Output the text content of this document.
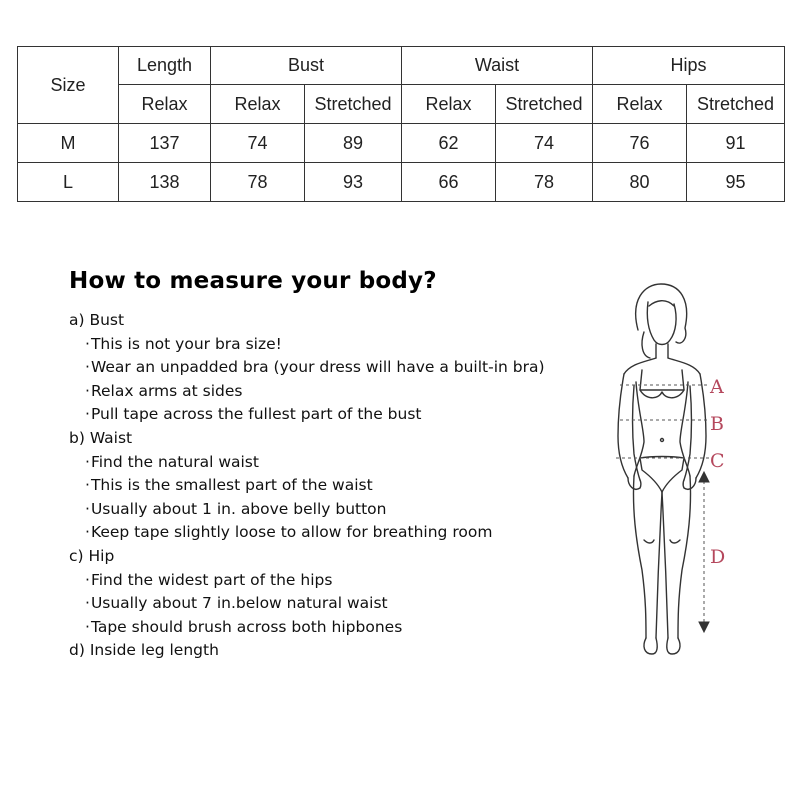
Size	Length	Bust		Waist		Hips	
	Relax	Relax	Stretched	Relax	Stretched	Relax	Stretched
M	137	74	89	62	74	76	91
L	138	78	93	66	78	80	95
How to measure your body?
a) Bust
· This is not your bra size!
· Wear an unpadded bra (your dress will have a built-in bra)
· Relax arms at sides
· Pull tape across the fullest part of the bust
b) Waist
· Find the natural waist
· This is the smallest part of the waist
· Usually about 1 in. above belly button
· Keep tape slightly loose to allow for breathing room
c) Hip
· Find the widest part of the hips
· Usually about 7 in.below natural waist
· Tape should brush across both hipbones
d) Inside leg length
A
B
C
D
